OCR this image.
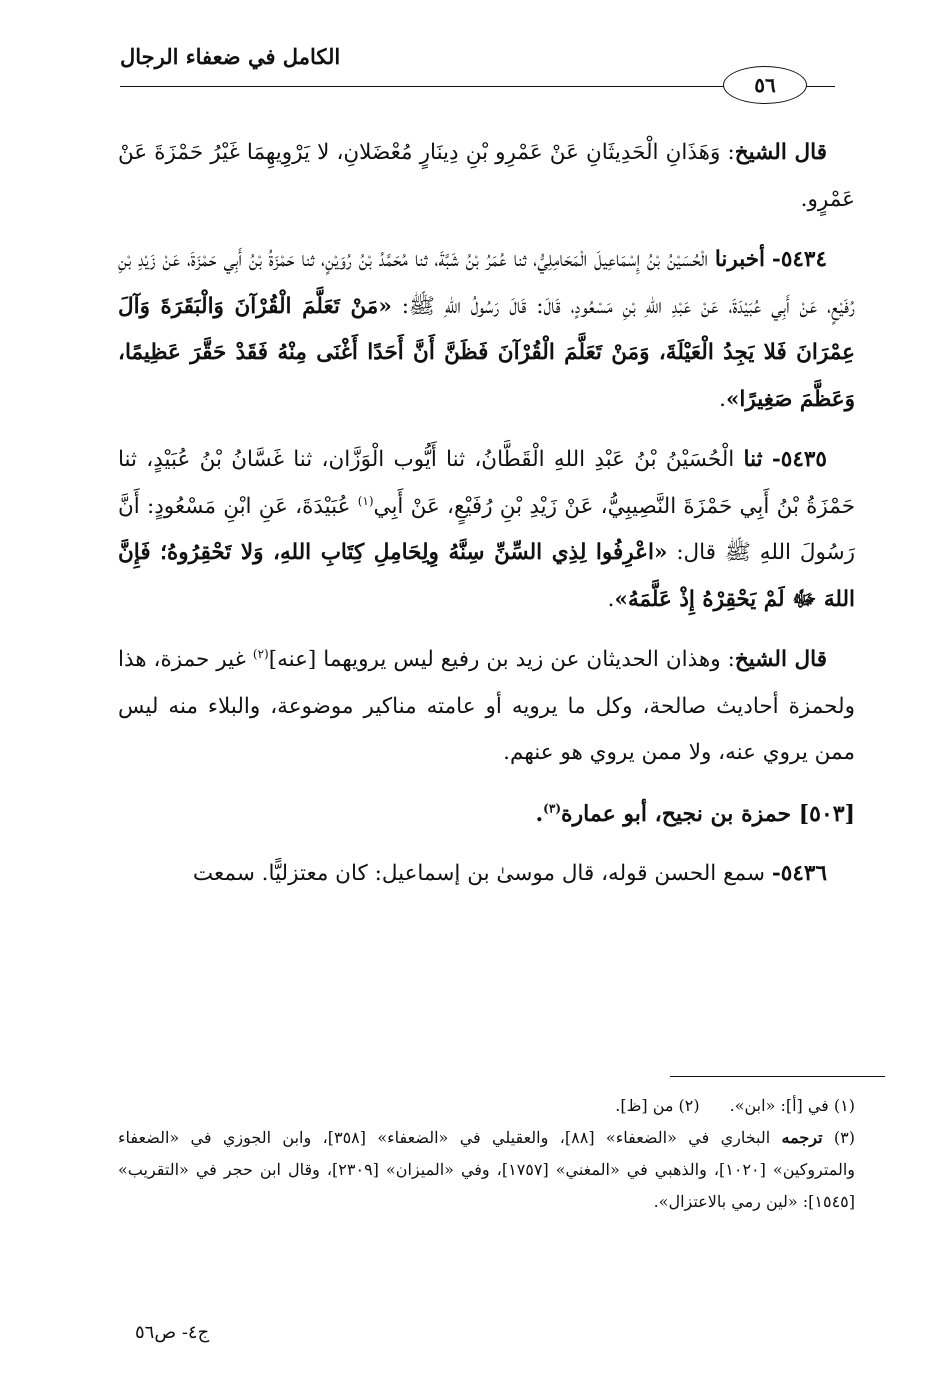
الكامل في ضعفاء الرجال
٥٦

قال الشيخ: وَهَذَانِ الْحَدِيثَانِ عَنْ عَمْرِو بْنِ دِينَارٍ مُعْضَلانِ، لا يَرْوِيهِمَا غَيْرُ حَمْزَةَ عَنْ عَمْرٍو.

٥٤٣٤- أخبرنا الْحُسَيْنُ بْنُ إِسْمَاعِيلَ الْمَحَامِلِيُّ، ثنا عُمَرُ بْنُ شَبَّةَ، ثنا مُحَمَّدُ بْنُ رُوَيْنٍ، ثنا حَمْزَةُ بْنُ أَبِي حَمْزَةَ، عَنْ زَيْدِ بْنِ رُفَيْعٍ، عَنْ أَبِي عُبَيْدَةَ، عَنْ عَبْدِ اللهِ بْنِ مَسْعُودٍ، قَالَ: قَالَ رَسُولُ اللهِ ﷺ: «مَنْ تَعَلَّمَ الْقُرْآنَ وَالْبَقَرَةَ وَآلَ عِمْرَانَ فَلا يَجِدُ الْعَيْلَةَ، وَمَنْ تَعَلَّمَ الْقُرْآنَ فَظَنَّ أَنَّ أَحَدًا أَغْنَى مِنْهُ فَقَدْ حَقَّرَ عَظِيمًا، وَعَظَّمَ صَغِيرًا».

٥٤٣٥- ثنا الْحُسَيْنُ بْنُ عَبْدِ اللهِ الْقَطَّانُ، ثنا أَيُّوب الْوَزَّان، ثنا غَسَّانُ بْنُ عُبَيْدٍ، ثنا حَمْزَةُ بْنُ أَبِي حَمْزَةَ النَّصِيبِيُّ، عَنْ زَيْدِ بْنِ رُفَيْعٍ، عَنْ أَبِي$^{(١)}$ عُبَيْدَةَ، عَنِ ابْنِ مَسْعُودٍ: أَنَّ رَسُولَ اللهِ ﷺ قال: «اعْرِفُوا لِذِي السِّنِّ سِنَّهُ وِلِحَامِلِ كِتَابِ اللهِ، وَلا تَحْقِرُوهُ؛ فَإِنَّ اللهَ ﷻ لَمْ يَحْقِرْهُ إِذْ عَلَّمَهُ».

قال الشيخ: وهذان الحديثان عن زيد بن رفيع ليس يرويهما [عنه]$^{(٢)}$ غير حمزة، هذا ولحمزة أحاديث صالحة، وكل ما يرويه أو عامته مناكير موضوعة، والبلاء منه ليس ممن يروي عنه، ولا ممن يروي هو عنهم.

[٥٠٣] حمزة بن نجيح، أبو عمارة$^{(٣)}$.

٥٤٣٦- سمع الحسن قوله، قال موسىٰ بن إسماعيل: كان معتزليًّا. سمعت

(١) في [أ]: «ابن».

(٢) من [ظ].

(٣) ترجمه البخاري في «الضعفاء» [٨٨]، والعقيلي في «الضعفاء» [٣٥٨]، وابن الجوزي في «الضعفاء والمتروكين» [١٠٢٠]، والذهبي في «المغني» [١٧٥٧]، وفي «الميزان» [٢٣٠٩]، وقال ابن حجر في «التقريب» [١٥٤٥]: «لين رمي بالاعتزال».

ج٤- ص٥٦
